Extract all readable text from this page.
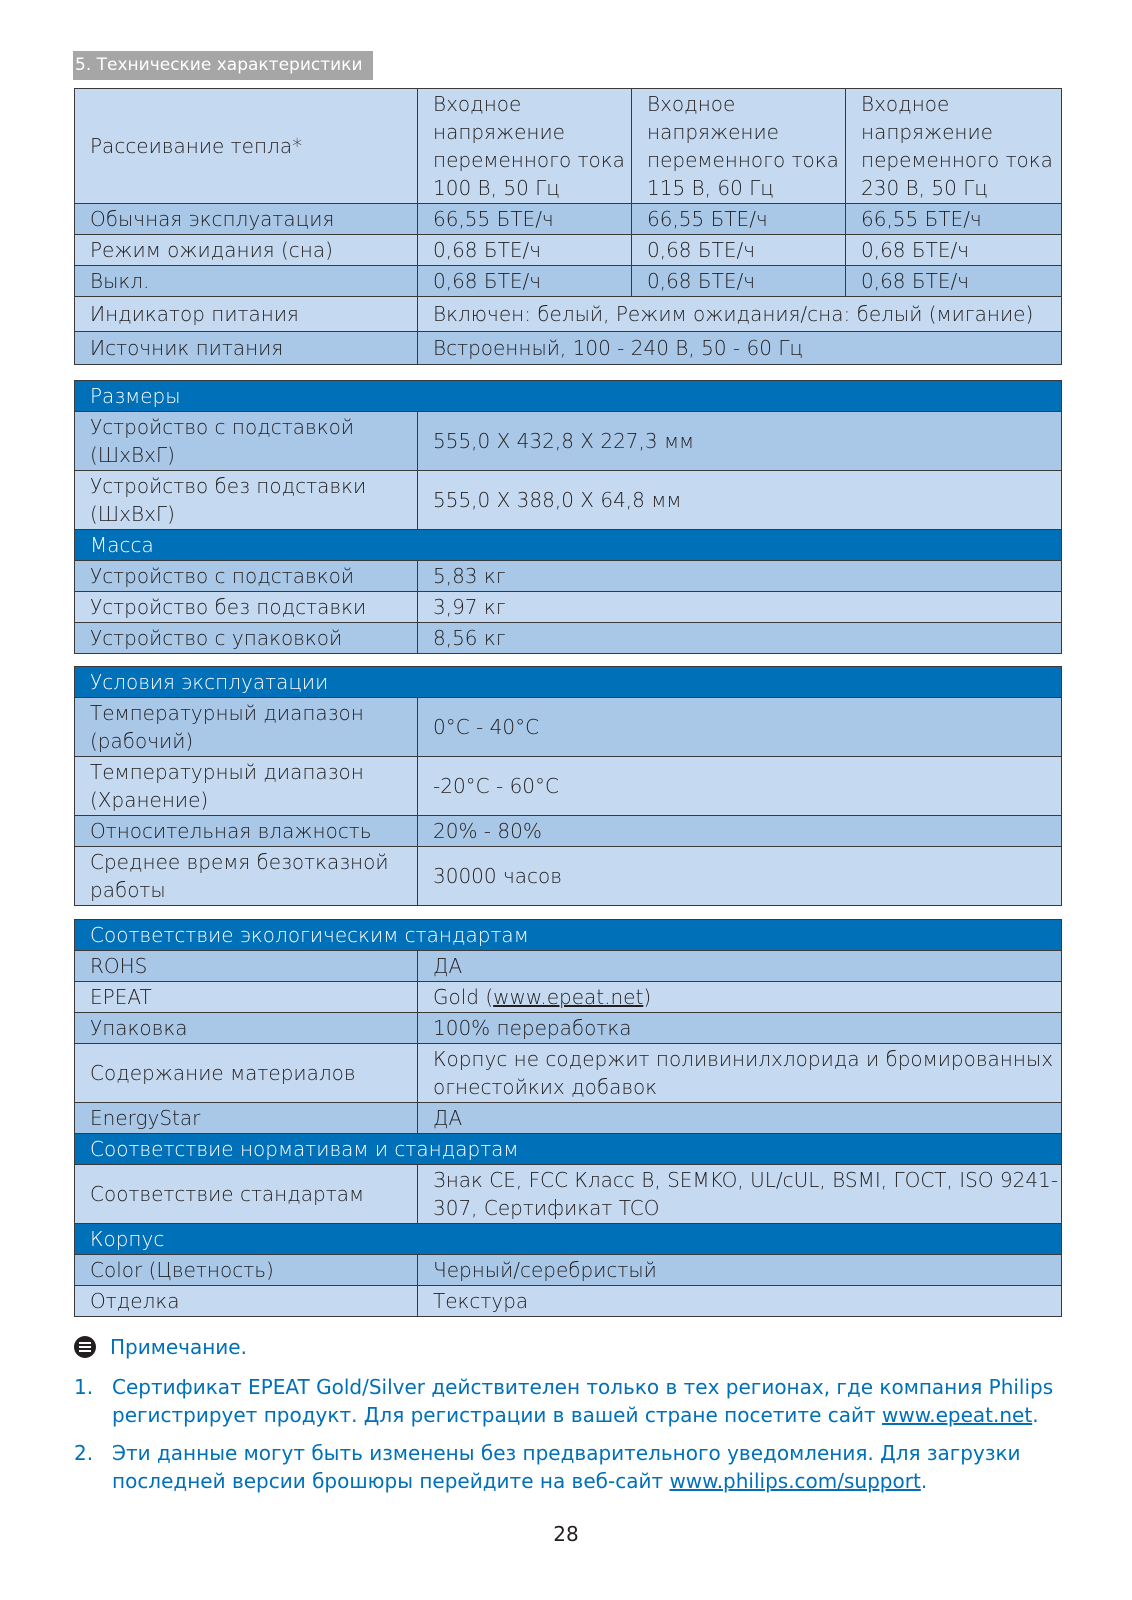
5. Технические характеристики
Рассеивание тепла*	Входное напряжение переменного тока 100 В, 50 Гц	Входное напряжение переменного тока 115 В, 60 Гц	Входное напряжение переменного тока 230 В, 50 Гц
Обычная эксплуатация	66,55 БТЕ/ч	66,55 БТЕ/ч	66,55 БТЕ/ч
Режим ожидания (сна)	0,68 БТЕ/ч	0,68 БТЕ/ч	0,68 БТЕ/ч
Выкл.	0,68 БТЕ/ч	0,68 БТЕ/ч	0,68 БТЕ/ч
Индикатор питания	Включен: белый, Режим ожидания/сна: белый (мигание)		
Источник питания	Встроенный, 100 - 240 В, 50 - 60 Гц		
Размеры	
Устройство с подставкой (ШxВxГ)	555,0 X 432,8 X 227,3 мм
Устройство без подставки (ШxВxГ)	555,0 X 388,0 X 64,8 мм
Масса	
Устройство с подставкой	5,83 кг
Устройство без подставки	3,97 кг
Устройство с упаковкой	8,56 кг
Условия эксплуатации	
Температурный диапазон (рабочий)	0°C - 40°C
Температурный диапазон (Хранение)	-20°C - 60°C
Относительная влажность	20% - 80%
Среднее время безотказной работы	30000 часов
Соответствие экологическим стандартам	
ROHS	ДА
EPEAT	Gold (www.epeat.net)
Упаковка	100% переработка
Содержание материалов	Корпус не содержит поливинилхлорида и бромированных огнестойких добавок
EnergyStar	ДА
Соответствие нормативам и стандартам	
Соответствие стандартам	Знак CE, FCC Класс B, SEMKO, UL/cUL, BSMI, ГОСТ, ISO 9241-307, Сертификат TCO
Корпус	
Color (Цветность)	Черный/серебристый
Отделка	Текстура
Примечание.
1. Сертификат EPEAT Gold/Silver действителен только в тех регионах, где компания Philips регистрирует продукт. Для регистрации в вашей стране посетите сайт www.epeat.net.
2. Эти данные могут быть изменены без предварительного уведомления. Для загрузки последней версии брошюры перейдите на веб-сайт www.philips.com/support.
28
